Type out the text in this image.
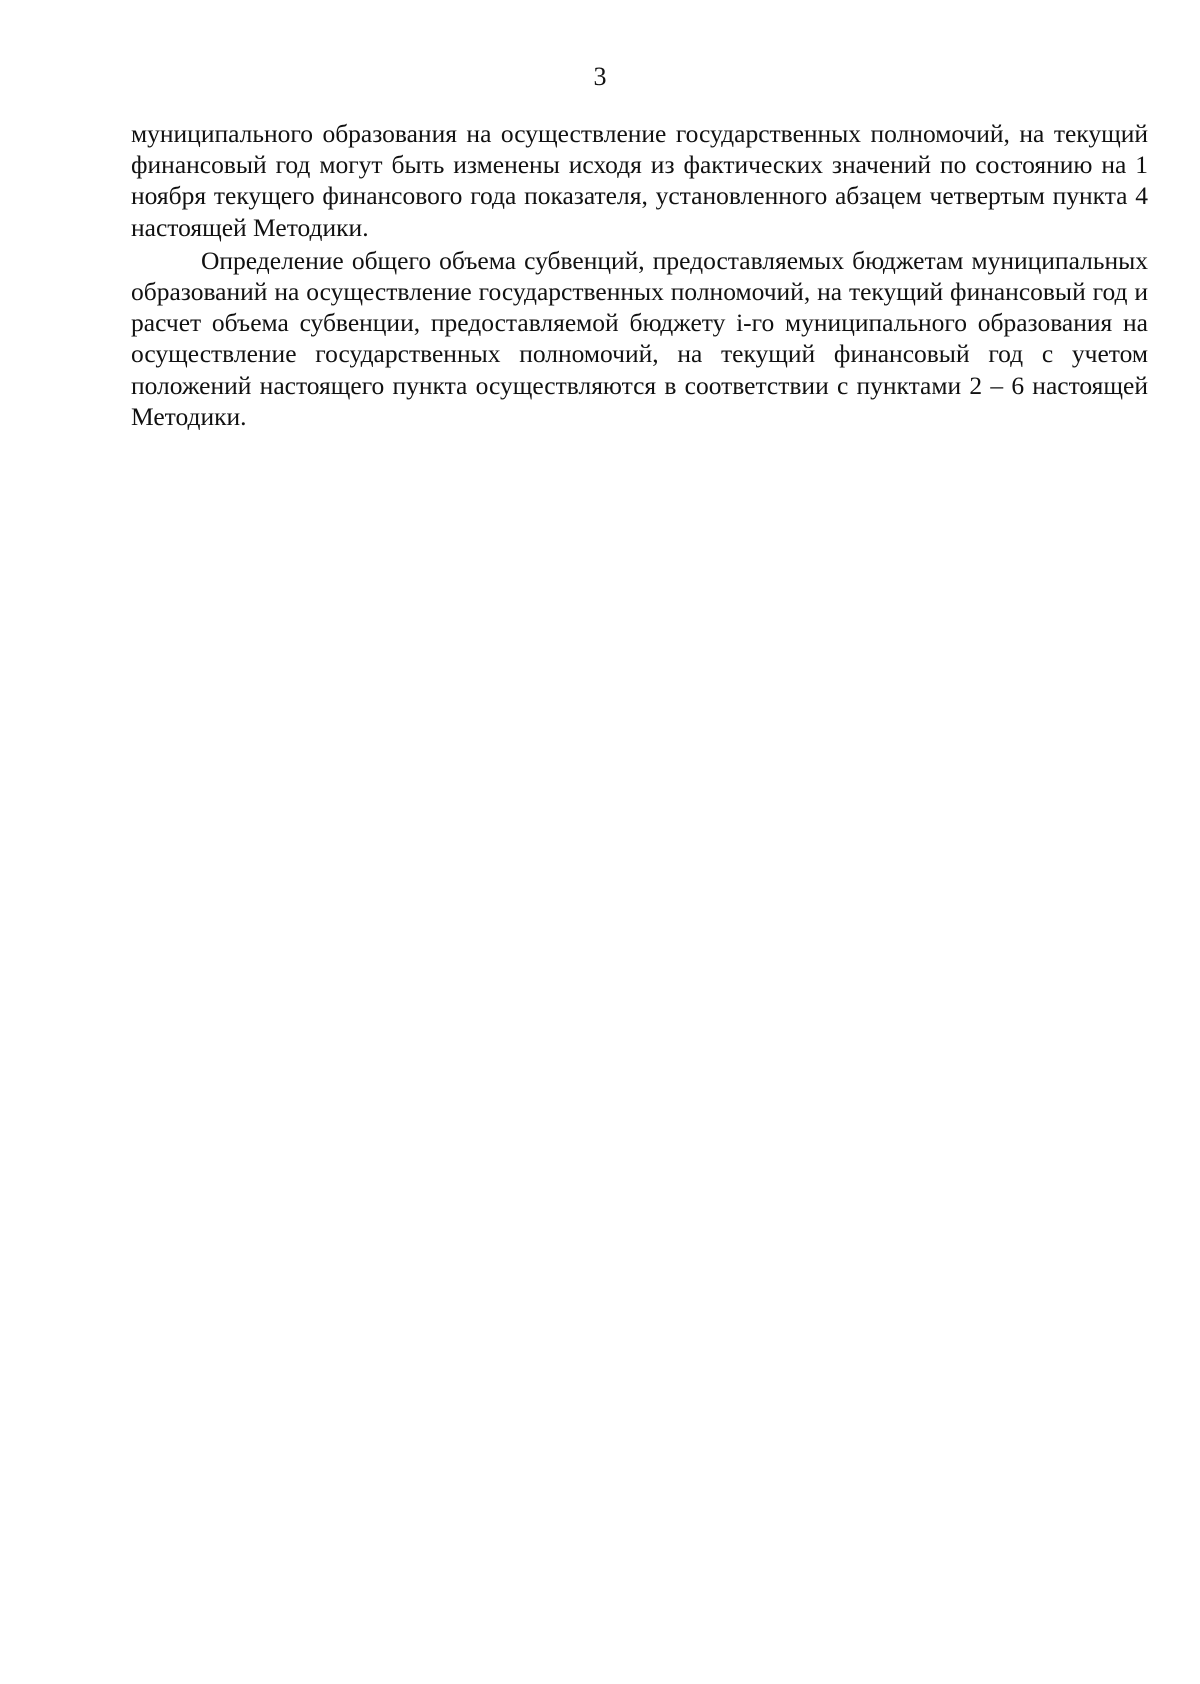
3

муниципального образования на осуществление государственных полномочий, на текущий финансовый год могут быть изменены исходя из фактических значений по состоянию на 1 ноября текущего финансового года показателя, установленного абзацем четвертым пункта 4 настоящей Методики.

Определение общего объема субвенций, предоставляемых бюджетам муниципальных образований на осуществление государственных полномочий, на текущий финансовый год и расчет объема субвенции, предоставляемой бюджету i-го муниципального образования на осуществление государственных полномочий, на текущий финансовый год с учетом положений настоящего пункта осуществляются в соответствии с пунктами 2 – 6 настоящей Методики.
